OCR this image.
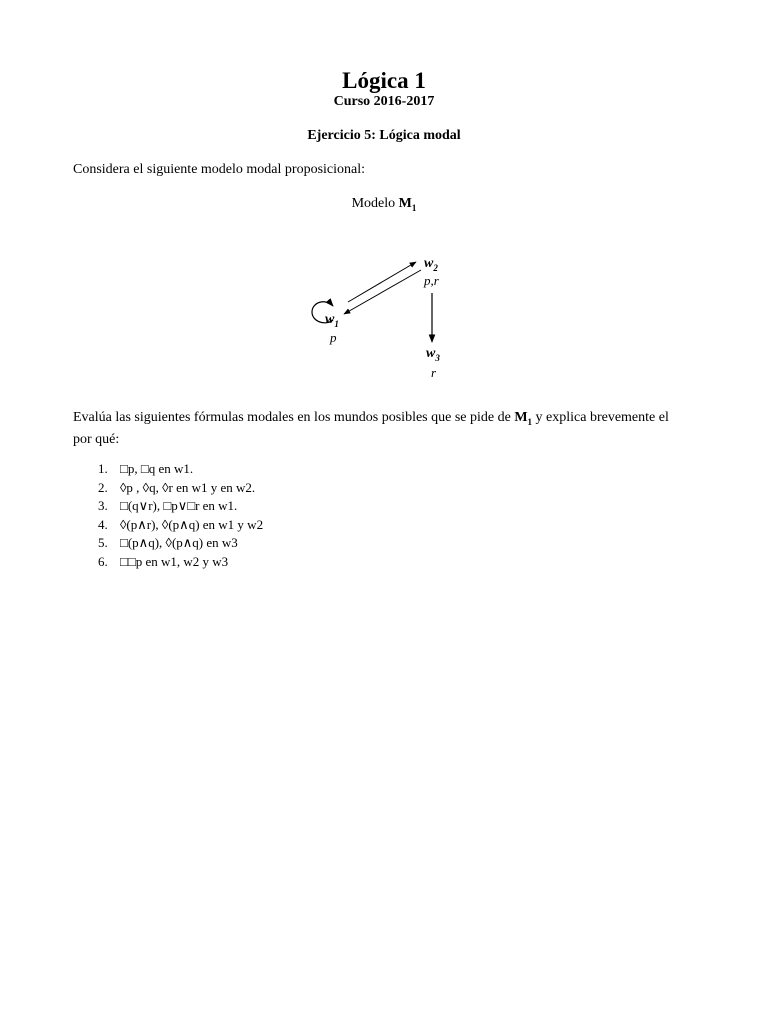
Lógica 1
Curso 2016-2017
Ejercicio 5: Lógica modal
Considera el siguiente modelo modal proposicional:
Modelo $M_1$
$w_2$
p,r
$w_1$
p
$w_3$
r
Evalúa las siguientes fórmulas modales en los mundos posibles que se pide de $M_1$ y explica brevemente el por qué:
1. □p, □q en w1.
2. ◊p , ◊q, ◊r en w1 y en w2.
3. □(q∨r), □p∨□r en w1.
4. ◊(p∧r), ◊(p∧q) en w1 y w2
5. □(p∧q), ◊(p∧q) en w3
6. □□p en w1, w2 y w3
